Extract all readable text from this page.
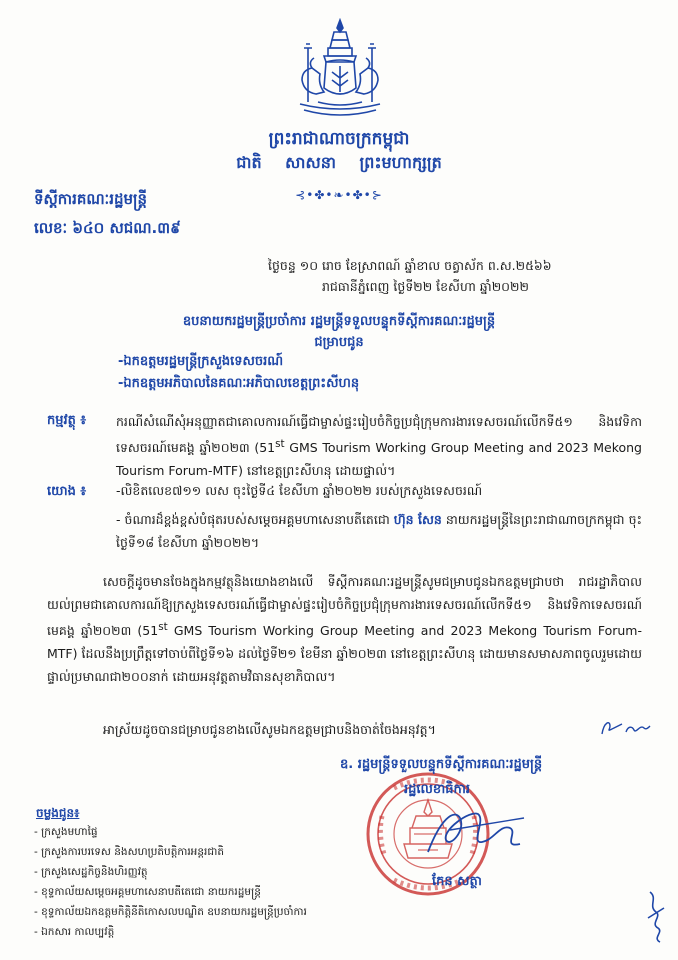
ព្រះរាជាណាចក្រកម្ពុជា
ជាតិ សាសនា ព្រះមហាក្សត្រ
⊰•✤•❧•✤•⊱
ទីស្តីការគណៈរដ្ឋមន្ត្រី
លេខៈ ៦៤០ សជណ.៣៩
ថ្ងៃចន្ទ ១០ រោច ខែស្រាពណ៍ ឆ្នាំខាល ចត្វាស័ក ព.ស.២៥៦៦
រាជធានីភ្នំពេញ ថ្ងៃទី២២ ខែសីហា ឆ្នាំ២០២២
ឧបនាយករដ្ឋមន្ត្រីប្រចាំការ រដ្ឋមន្ត្រីទទួលបន្ទុកទីស្តីការគណៈរដ្ឋមន្ត្រី
ជម្រាបជូន
-ឯកឧត្តមរដ្ឋមន្ត្រីក្រសួងទេសចរណ៍
-ឯកឧត្តមអភិបាលនៃគណៈអភិបាលខេត្តព្រះសីហនុ
កម្មវត្ថុ ៖ ករណីសំណើសុំអនុញ្ញាតជាគោលការណ៍ធ្វើជាម្ចាស់ផ្ទះរៀបចំកិច្ចប្រជុំក្រុមការងារទេសចរណ៍លើកទី៥១ និងវេទិកាទេសចរណ៍មេគង្គ ឆ្នាំ២០២៣ (51st GMS Tourism Working Group Meeting and 2023 Mekong Tourism Forum-MTF) នៅខេត្តព្រះសីហនុ ដោយផ្ទាល់។
យោង ៖ -លិខិតលេខ៧១១ លស ចុះថ្ងៃទី៤ ខែសីហា ឆ្នាំ២០២២ របស់ក្រសួងទេសចរណ៍
- ចំណារដ៏ខ្ពង់ខ្ពស់បំផុតរបស់សម្តេចអគ្គមហាសេនាបតីតេជោ ហ៊ុន សែន នាយករដ្ឋមន្ត្រីនៃព្រះរាជាណាចក្រកម្ពុជា ចុះថ្ងៃទី១៨ ខែសីហា ឆ្នាំ២០២២។
សេចក្តីដូចមានចែងក្នុងកម្មវត្ថុនិងយោងខាងលើ ទីស្តីការគណៈរដ្ឋមន្ត្រីសូមជម្រាបជូនឯកឧត្តមជ្រាបថា រាជរដ្ឋាភិបាលយល់ព្រមជាគោលការណ៍ឱ្យក្រសួងទេសចរណ៍ធ្វើជាម្ចាស់ផ្ទះរៀបចំកិច្ចប្រជុំក្រុមការងារទេសចរណ៍លើកទី៥១ និងវេទិកាទេសចរណ៍មេគង្គ ឆ្នាំ២០២៣ (51st GMS Tourism Working Group Meeting and 2023 Mekong Tourism Forum-MTF) ដែលនឹងប្រព្រឹត្តទៅចាប់ពីថ្ងៃទី១៦ ដល់ថ្ងៃទី២១ ខែមីនា ឆ្នាំ២០២៣ នៅខេត្តព្រះសីហនុ ដោយមានសមាសភាពចូលរួមដោយផ្ទាល់ប្រមាណជា២០០នាក់ ដោយអនុវត្តតាមវិធានសុខាភិបាល។
អាស្រ័យដូចបានជម្រាបជូនខាងលើសូមឯកឧត្តមជ្រាបនិងចាត់ចែងអនុវត្ត។
ឧ. រដ្ឋមន្ត្រីទទួលបន្ទុកទីស្តីការគណៈរដ្ឋមន្ត្រី
រដ្ឋលេខាធិការ
កែន សត្ថា
ចម្លងជូន៖
- ក្រសួងមហាផ្ទៃ
- ក្រសួងការបរទេស និងសហប្រតិបត្តិការអន្តរជាតិ
- ក្រសួងសេដ្ឋកិច្ចនិងហិរញ្ញវត្ថុ
- ខុទ្ទកាល័យសម្តេចអគ្គមហាសេនាបតីតេជោ នាយករដ្ឋមន្ត្រី
- ខុទ្ទកាល័យឯកឧត្តមកិត្តិនីតិកោសលបណ្ឌិត ឧបនាយករដ្ឋមន្ត្រីប្រចាំការ
- ឯកសារ កាលប្បវត្តិ
